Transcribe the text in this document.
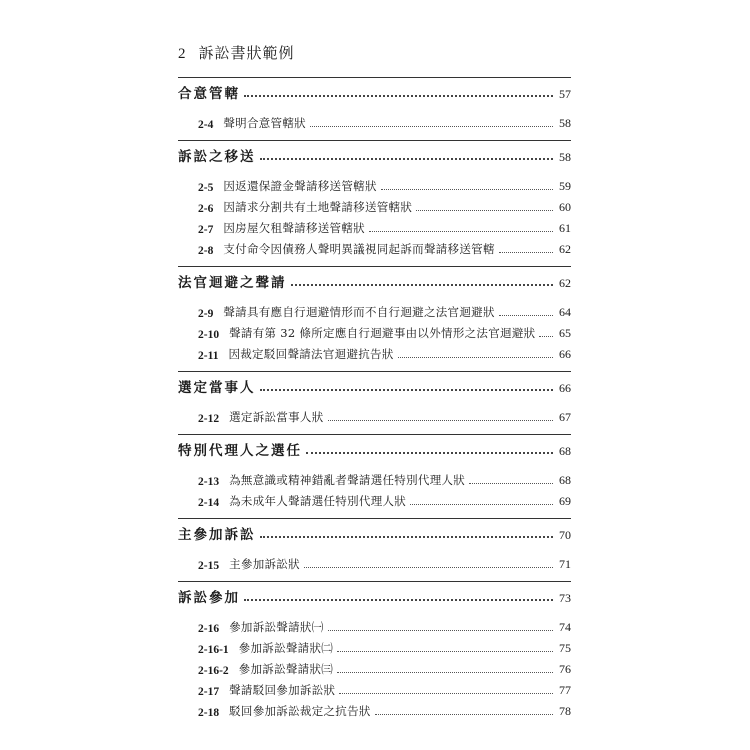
2 訴訟書狀範例
合意管轄	57
2-4 聲明合意管轄狀	58
訴訟之移送	58
2-5 因返還保證金聲請移送管轄狀	59
2-6 因請求分割共有土地聲請移送管轄狀	60
2-7 因房屋欠租聲請移送管轄狀	61
2-8 支付命令因債務人聲明異議視同起訴而聲請移送管轄	62
法官迴避之聲請	62
2-9 聲請具有應自行迴避情形而不自行迴避之法官迴避狀	64
2-10 聲請有第 32 條所定應自行迴避事由以外情形之法官迴避狀 65
2-11 因裁定駁回聲請法官迴避抗告狀	66
選定當事人	66
2-12 選定訴訟當事人狀	67
特別代理人之選任	68
2-13 為無意識或精神錯亂者聲請選任特別代理人狀	68
2-14 為未成年人聲請選任特別代理人狀	69
主參加訴訟	70
2-15 主參加訴訟狀	71
訴訟參加	73
2-16 參加訴訟聲請狀㈠	74
2-16-1 參加訴訟聲請狀㈡	75
2-16-2 參加訴訟聲請狀㈢	76
2-17 聲請駁回參加訴訟狀	77
2-18 駁回參加訴訟裁定之抗告狀	78
